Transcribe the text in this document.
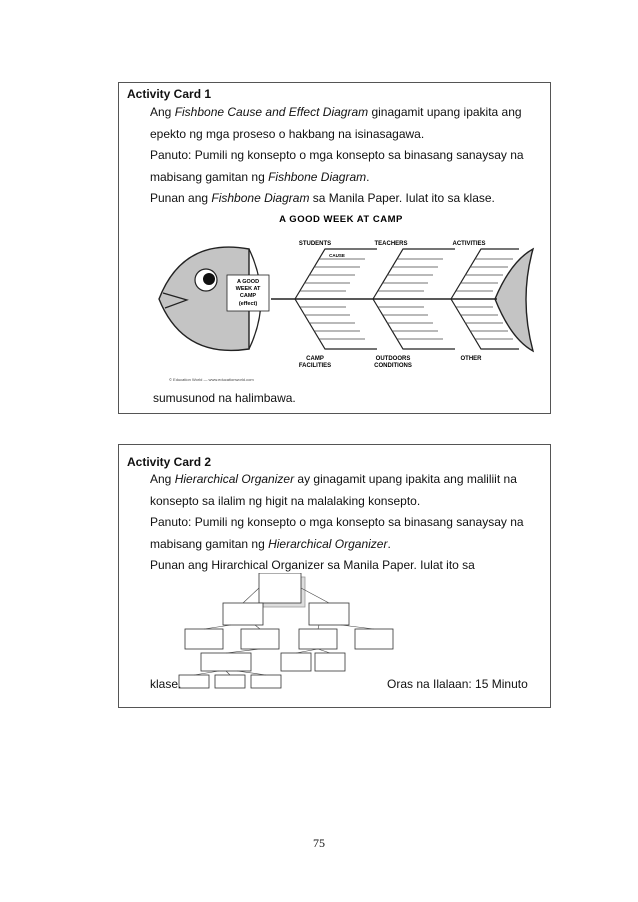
Activity Card 1
Ang Fishbone Cause and Effect Diagram ginagamit upang ipakita ang
epekto ng mga proseso o hakbang na isinasagawa.
Panuto: Pumili ng konsepto o mga konsepto sa binasang sanaysay na
mabisang gamitan ng Fishbone Diagram.
Punan ang Fishbone Diagram sa Manila Paper. Iulat ito sa klase.
A GOOD WEEK AT CAMP
A GOOD
WEEK AT
CAMP
(effect)
STUDENTS	TEACHERS	ACTIVITIES
CAUSE
CAMP
FACILITIES
OUTDOORS
CONDITIONS
OTHER
© Education World — www.educationworld.com
sumusunod na halimbawa.
Activity Card 2
Ang Hierarchical Organizer ay ginagamit upang ipakita ang maliliit na
konsepto sa ilalim ng higit na malalaking konsepto.
Panuto: Pumili ng konsepto o mga konsepto sa binasang sanaysay na
mabisang gamitan ng Hierarchical Organizer.
Punan ang Hirarchical Organizer sa Manila Paper. Iulat ito sa
klase.	Oras na Ilalaan: 15 Minuto
75
